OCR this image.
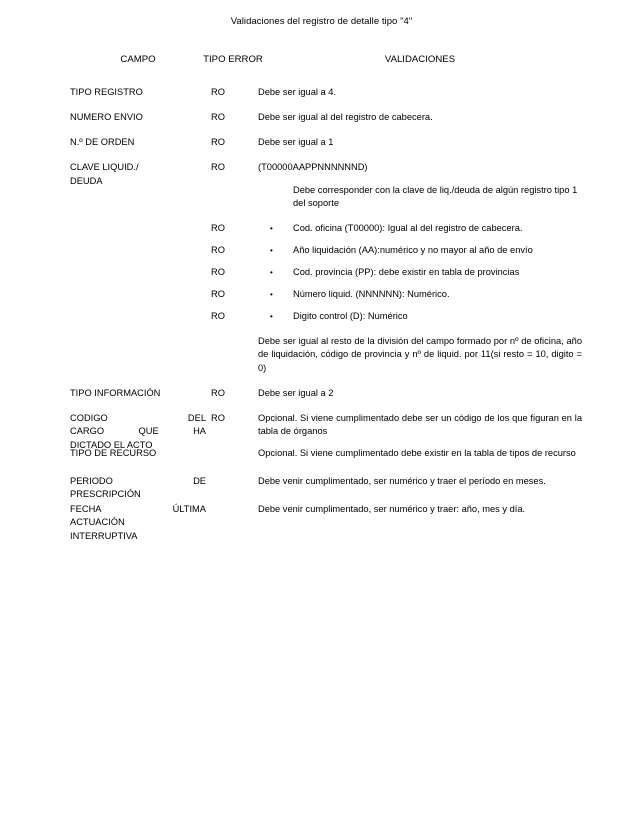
Validaciones del registro de detalle tipo "4"
CAMPO	TIPO ERROR	VALIDACIONES
TIPO REGISTRO	RO	Debe ser igual a 4.
NUMERO ENVIO	RO	Debe ser igual al del registro de cabecera.
N.º DE ORDEN	RO	Debe ser igual a 1
CLAVE LIQUID./
DEUDA
RO	(T00000AAPPNNNNNND)
Debe corresponder con la clave de liq./deuda de algún registro tipo 1 del soporte
RO	• Cod. oficina (T00000): Igual al del registro de cabecera.
RO	• Año liquidación (AA):numérico y no mayor al año de envío
RO	• Cod. provincia (PP): debe existir en tabla de provincias
RO	• Número liquid. (NNNNNN): Numérico.
RO	• Digito control (D): Numérico
Debe ser igual al resto de la división del campo formado por nº de oficina, año de liquidación, código de provincia y nº de liquid. por 11(si resto = 10, digito = 0)
TIPO INFORMACIÓN	RO	Debe ser igual a 2
CODIGO DEL
CARGO QUE HA
DICTADO EL ACTO
RO	Opcional. Si viene cumplimentado debe ser un código de los que figuran en la tabla de órganos
TIPO DE RECURSO	Opcional. Si viene cumplimentado debe existir en la tabla de tipos de recurso
PERIODO DE
PRESCRIPCIÓN
Debe venir cumplimentado, ser numérico y traer el período en meses.
FECHA ÚLTIMA
ACTUACIÓN
INTERRUPTIVA
Debe venir cumplimentado, ser numérico y traer: año, mes y día.
